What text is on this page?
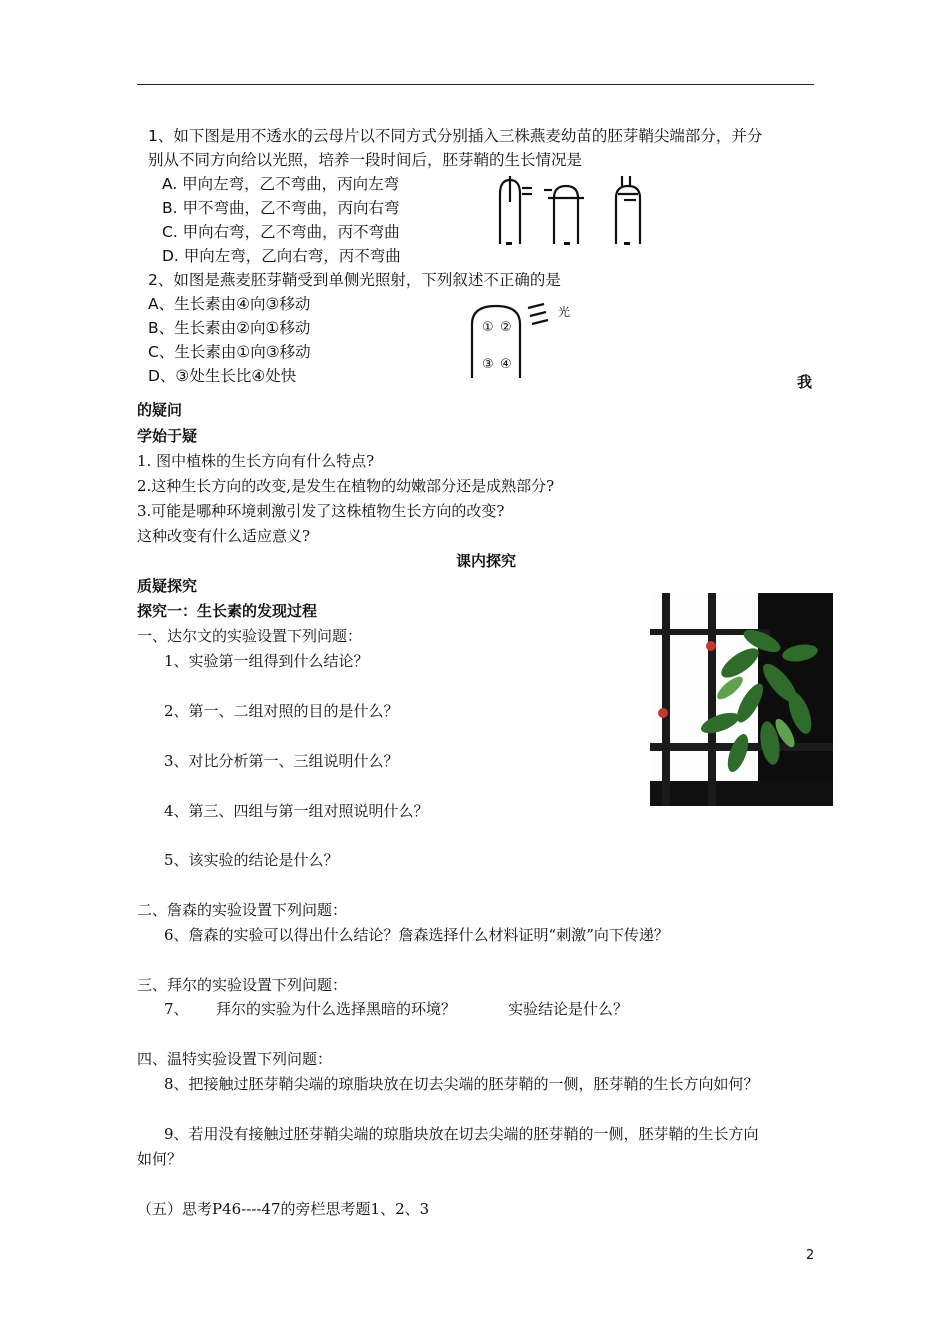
1、如下图是用不透水的云母片以不同方式分别插入三株燕麦幼苗的胚芽鞘尖端部分，并分
别从不同方向给以光照，培养一段时间后，胚芽鞘的生长情况是
A. 甲向左弯，乙不弯曲，丙向左弯
B. 甲不弯曲，乙不弯曲，丙向右弯
C. 甲向右弯，乙不弯曲，丙不弯曲
D. 甲向左弯，乙向右弯，丙不弯曲
2、如图是燕麦胚芽鞘受到单侧光照射，下列叙述不正确的是
A、生长素由④向③移动
B、生长素由②向①移动
C、生长素由①向③移动
D、③处生长比④处快
① ②
③ ④
光
我
的疑问
学始于疑
1. 图中植株的生长方向有什么特点?
2.这种生长方向的改变,是发生在植物的幼嫩部分还是成熟部分?
3.可能是哪种环境刺激引发了这株植物生长方向的改变?
这种改变有什么适应意义?
课内探究
质疑探究
探究一：生长素的发现过程
一、达尔文的实验设置下列问题：
1、实验第一组得到什么结论？
2、第一、二组对照的目的是什么？
3、对比分析第一、三组说明什么？
4、第三、四组与第一组对照说明什么？
5、该实验的结论是什么？
二、詹森的实验设置下列问题：
6、詹森的实验可以得出什么结论？詹森选择什么材料证明“刺激”向下传递？
三、拜尔的实验设置下列问题：
7、 拜尔的实验为什么选择黑暗的环境？	实验结论是什么？
四、温特实验设置下列问题：
8、把接触过胚芽鞘尖端的琼脂块放在切去尖端的胚芽鞘的一侧，胚芽鞘的生长方向如何？
9、若用没有接触过胚芽鞘尖端的琼脂块放在切去尖端的胚芽鞘的一侧，胚芽鞘的生长方向
如何？
（五）思考P46----47的旁栏思考题1、2、3
2
